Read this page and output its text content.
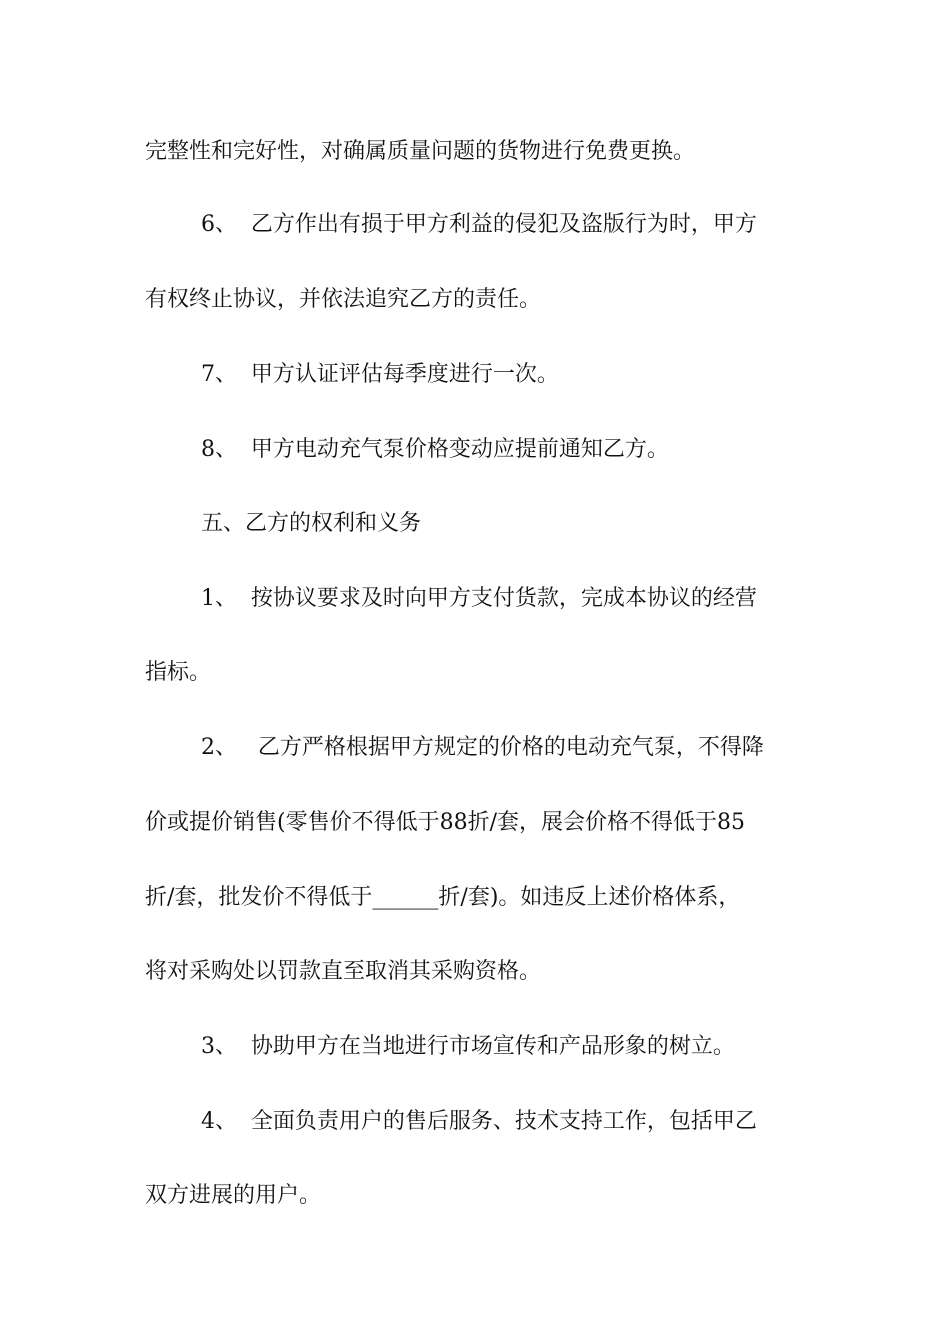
完整性和完好性，对确属质量问题的货物进行免费更换。
6、  乙方作出有损于甲方利益的侵犯及盗版行为时，甲方
有权终止协议，并依法追究乙方的责任。
7、  甲方认证评估每季度进行一次。
8、  甲方电动充气泵价格变动应提前通知乙方。
五、乙方的权利和义务
1、  按协议要求及时向甲方支付货款，完成本协议的经营
指标。
2、   乙方严格根据甲方规定的价格的电动充气泵，不得降
价或提价销售(零售价不得低于88折/套，展会价格不得低于85
折/套，批发价不得低于______折/套)。如违反上述价格体系，
将对采购处以罚款直至取消其采购资格。
3、  协助甲方在当地进行市场宣传和产品形象的树立。
4、  全面负责用户的售后服务、技术支持工作，包括甲乙
双方进展的用户。
